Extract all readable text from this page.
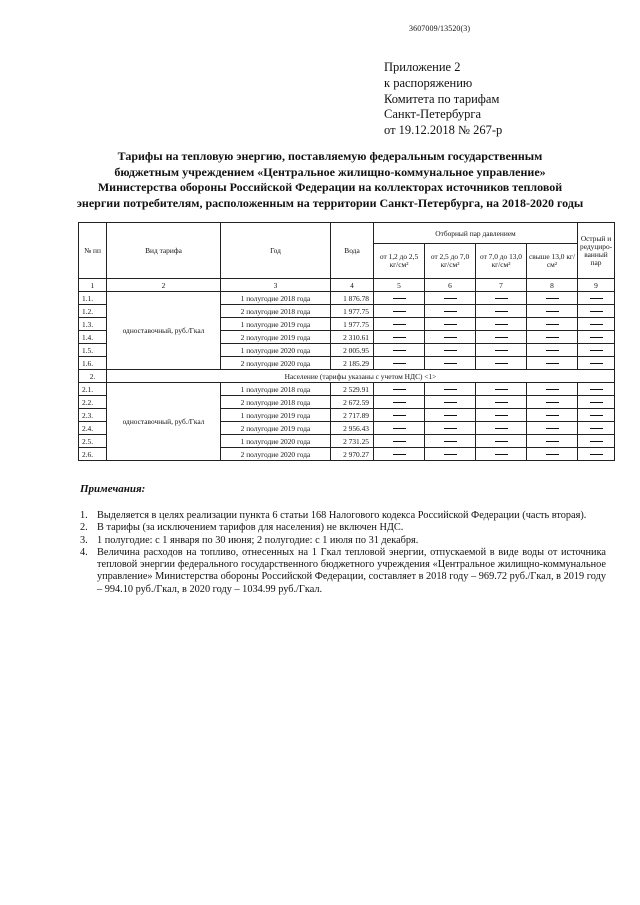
3607009/13520(3)
Приложение 2
к распоряжению
Комитета по тарифам
Санкт-Петербурга
от 19.12.2018 № 267-р
Тарифы на тепловую энергию, поставляемую федеральным государственным
бюджетным учреждением «Центральное жилищно-коммунальное управление»
Министерства обороны Российской Федерации на коллекторах источников тепловой
энергии потребителям, расположенным на территории Санкт-Петербурга, на 2018-2020 годы
№ пп	Вид тарифа	Год	Вода	Отборный пар давлением				Острый и редуциро-ванный пар
				от 1,2 до 2,5 кг/см²	от 2,5 до 7,0 кг/см²	от 7,0 до 13,0 кг/см²	свыше 13,0 кг/см²	
1	2	3	4	5	6	7	8	9
1.1.	одноставочный, руб./Гкал	1 полугодие 2018 года	1 876.78					
1.2.		2 полугодие 2018 года	1 977.75					
1.3.		1 полугодие 2019 года	1 977.75					
1.4.		2 полугодие 2019 года	2 310.61					
1.5.		1 полугодие 2020 года	2 005.95					
1.6.		2 полугодие 2020 года	2 185.29					
2.	Население (тарифы указаны с учетом НДС) <1>							
2.1.	одноставочный, руб./Гкал	1 полугодие 2018 года	2 529.91					
2.2.		2 полугодие 2018 года	2 672.59					
2.3.		1 полугодие 2019 года	2 717.89					
2.4.		2 полугодие 2019 года	2 956.43					
2.5.		1 полугодие 2020 года	2 731.25					
2.6.		2 полугодие 2020 года	2 970.27					
Примечания:
1. Выделяется в целях реализации пункта 6 статьи 168 Налогового кодекса Российской Федерации (часть вторая).
2. В тарифы (за исключением тарифов для населения) не включен НДС.
3. 1 полугодие: с 1 января по 30 июня; 2 полугодие: с 1 июля по 31 декабря.
4. Величина расходов на топливо, отнесенных на 1 Гкал тепловой энергии, отпускаемой в виде воды от источника тепловой энергии федерального государственного бюджетного учреждения «Центральное жилищно-коммунальное управление» Министерства обороны Российской Федерации, составляет в 2018 году – 969.72 руб./Гкал, в 2019 году – 994.10 руб./Гкал, в 2020 году – 1034.99 руб./Гкал.
